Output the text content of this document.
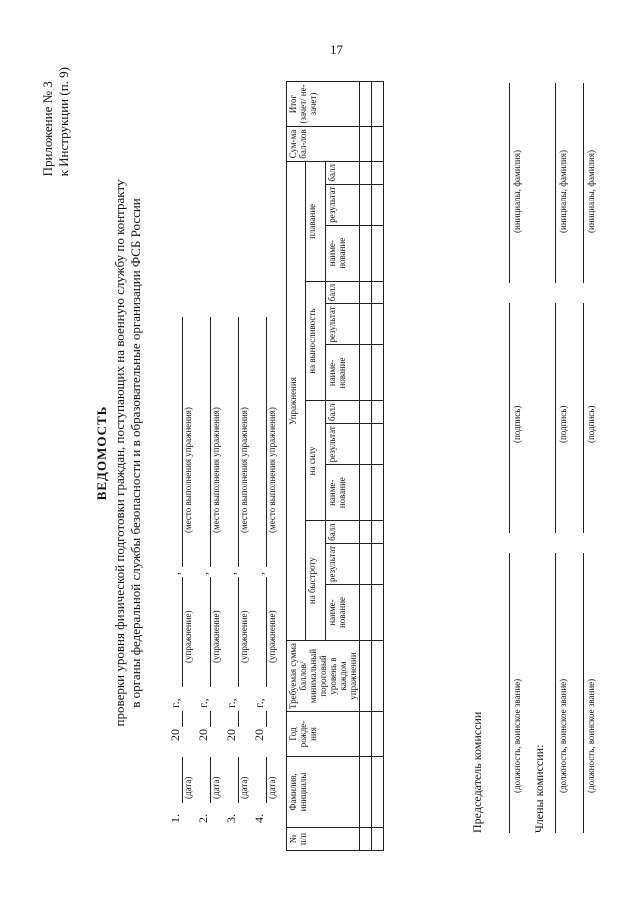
17
Приложение № 3 к Инструкции (п. 9)
ВЕДОМОСТЬ проверки уровня физической подготовки граждан, поступающих на военную службу по контракту в органы федеральной службы безопасности и в образовательные организации ФСБ России
1.
(дата)
20
г.,
(упражнение)
,
(место выполнения упражнения)
2.
(дата)
20
г.,
(упражнение)
,
(место выполнения упражнения)
3.
(дата)
20
г.,
(упражнение)
,
(место выполнения упражнения)
4.
(дата)
20
г.,
(упражнение)
,
(место выполнения упражнения)
№ п/п	Фамилия, инициалы	Год рожде-ния	Требуемая сумма баллов/ минимальный пороговый уровень в каждом упражнении	Упражнения												Сум-ма бал-лов	Итог (зачет/ не-зачет)
				на быстроту			на силу			на выносливость			плавание				
				наиме-нование	результат	балл	наиме-нование	результат	балл	наиме-нование	результат	балл	наиме-нование	результат	балл		

Председатель комиссии	(должность, воинское звание)
(подпись)
(инициалы, фамилия)
Члены комиссии: (должность, воинское звание)
(подпись)
(инициалы, фамилия)
(должность, воинское звание)
(подпись)
(инициалы, фамилия)
